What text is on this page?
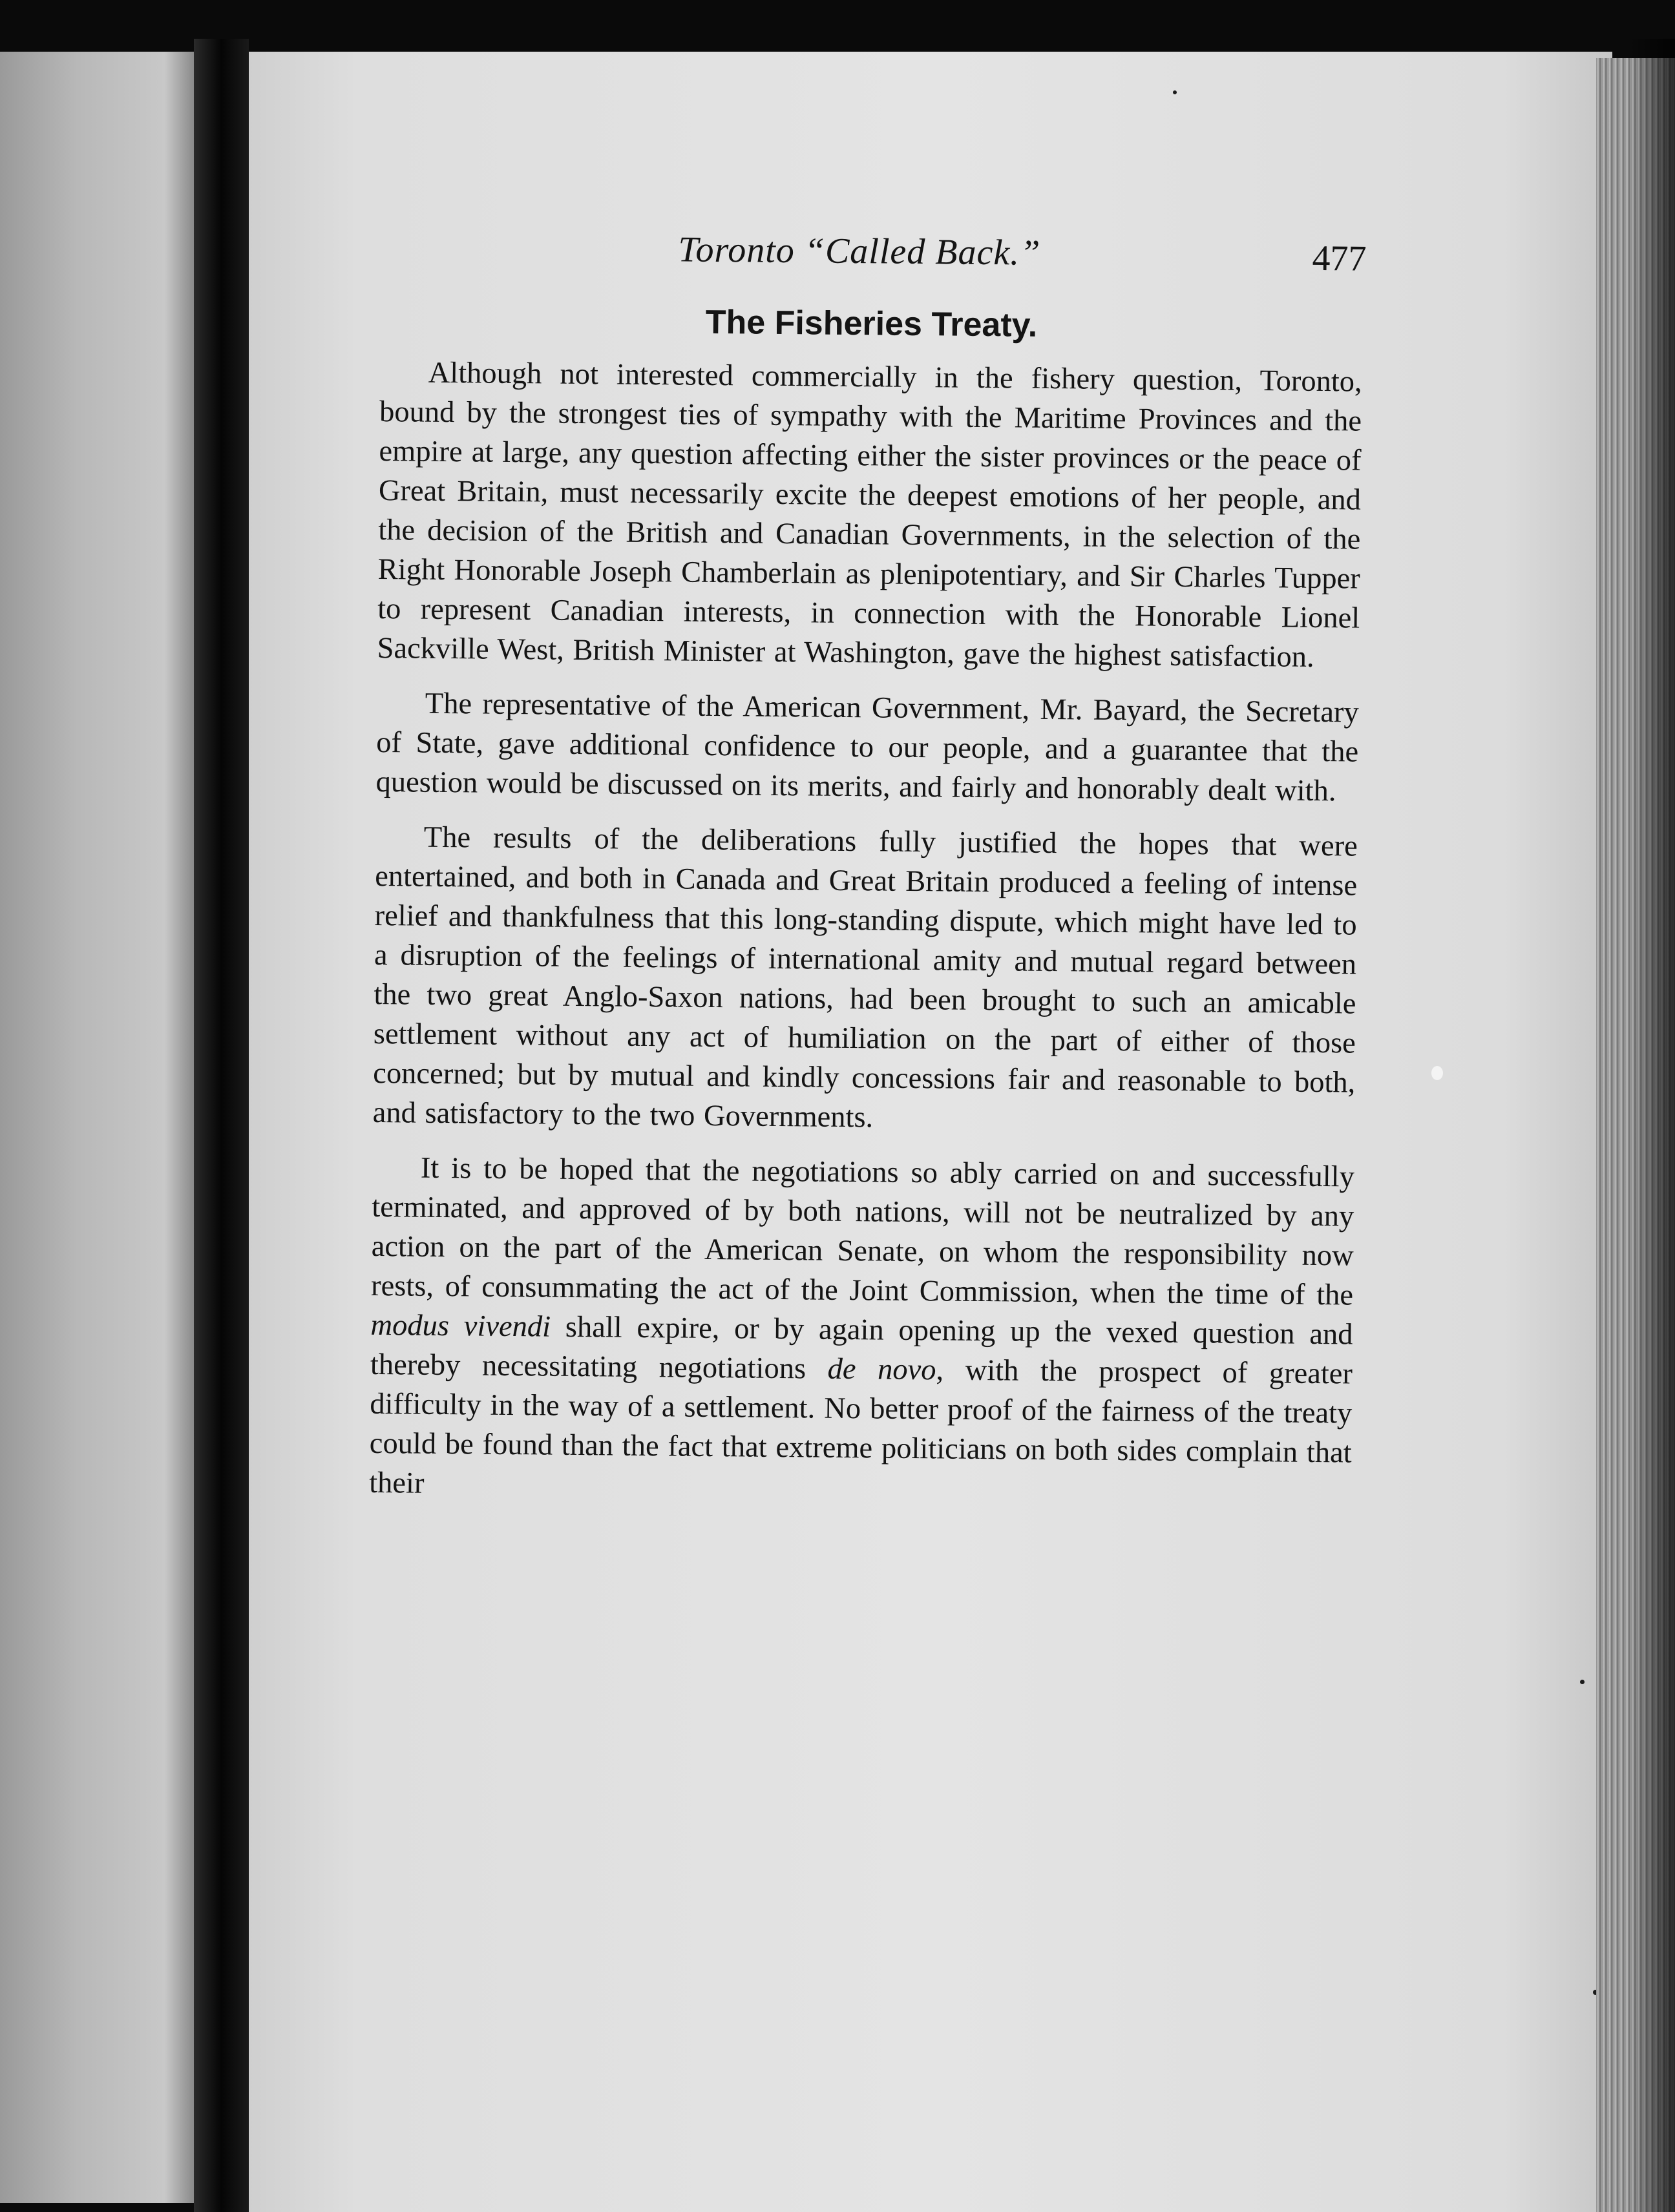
Toronto “Called Back.”	477
The Fisheries Treaty.

Although not interested commercially in the fishery question, Toronto, bound by the strongest ties of sympathy with the Maritime Provinces and the empire at large, any question affecting either the sister provinces or the peace of Great Britain, must necessarily excite the deepest emotions of her people, and the decision of the British and Canadian Governments, in the selection of the Right Honorable Joseph Chamberlain as plenipotentiary, and Sir Charles Tupper to represent Canadian interests, in connection with the Honorable Lionel Sackville West, British Minister at Washington, gave the highest satisfaction.

The representative of the American Government, Mr. Bayard, the Secretary of State, gave additional confidence to our people, and a guarantee that the question would be discussed on its merits, and fairly and honorably dealt with.

The results of the deliberations fully justified the hopes that were entertained, and both in Canada and Great Britain produced a feeling of intense relief and thankfulness that this long-standing dispute, which might have led to a disruption of the feelings of international amity and mutual regard between the two great Anglo-Saxon nations, had been brought to such an amicable settlement without any act of humiliation on the part of either of those concerned; but by mutual and kindly concessions fair and reasonable to both, and satisfactory to the two Governments.

It is to be hoped that the negotiations so ably carried on and successfully terminated, and approved of by both nations, will not be neutralized by any action on the part of the American Senate, on whom the responsibility now rests, of consummating the act of the Joint Commission, when the time of the modus vivendi shall expire, or by again opening up the vexed question and thereby necessitating negotiations de novo, with the prospect of greater difficulty in the way of a settlement. No better proof of the fairness of the treaty could be found than the fact that extreme politicians on both sides complain that their
